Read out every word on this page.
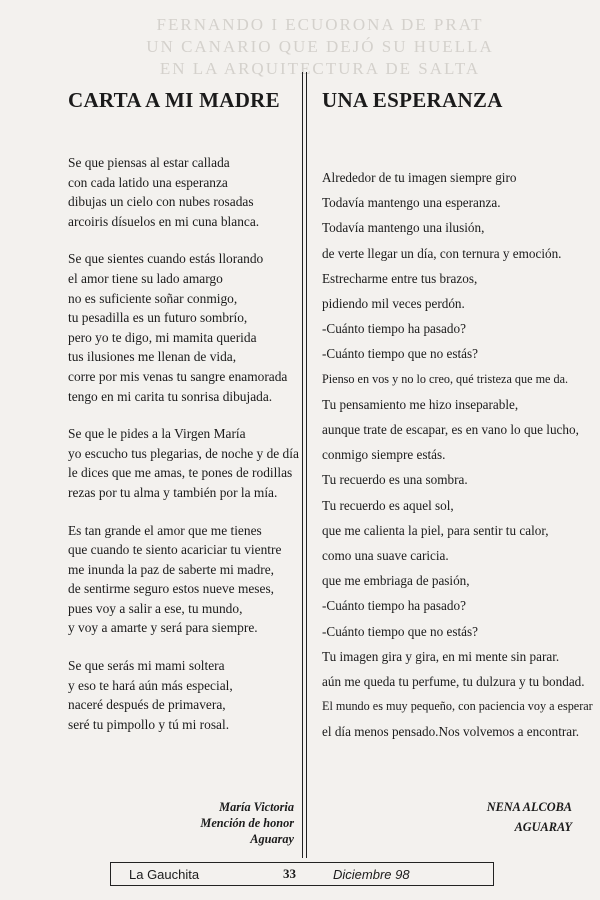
FERNANDO I ECUORONA DE PRAT
UN CANARIO QUE DEJÓ SU HUELLA
EN LA ARQUITECTURA DE SALTA
CARTA A MI MADRE
Se que piensas al estar callada
con cada latido una esperanza
dibujas un cielo con nubes rosadas
arcoiris dísuelos en mi cuna blanca.
Se que sientes cuando estás llorando
el amor tiene su lado amargo
no es suficiente soñar conmigo,
tu pesadilla es un futuro sombrío,
pero yo te digo, mi mamita querida
tus ilusiones me llenan de vida,
corre por mis venas tu sangre enamorada
tengo en mi carita tu sonrisa dibujada.
Se que le pides a la Virgen María
yo escucho tus plegarias, de noche y de día
le dices que me amas, te pones de rodillas
rezas por tu alma y también por la mía.
Es tan grande el amor que me tienes
que cuando te siento acariciar tu vientre
me inunda la paz de saberte mi madre,
de sentirme seguro estos nueve meses,
pues voy a salir a ese, tu mundo,
y voy a amarte y será para siempre.
Se que serás mi mami soltera
y eso te hará aún más especial,
naceré después de primavera,
seré tu pimpollo y tú mi rosal.
María Victoria
Mención de honor
Aguaray
UNA ESPERANZA
Alrededor de tu imagen siempre giro
Todavía mantengo una esperanza.
Todavía mantengo una ilusión,
de verte llegar un día, con ternura y emoción.
Estrecharme entre tus brazos,
pidiendo mil veces perdón.
-Cuánto tiempo ha pasado?
-Cuánto tiempo que no estás?
Pienso en vos y no lo creo, qué tristeza que me da.
Tu pensamiento me hizo inseparable,
aunque trate de escapar, es en vano lo que lucho,
conmigo siempre estás.
Tu recuerdo es una sombra.
Tu recuerdo es aquel sol,
que me calienta la piel, para sentir tu calor,
como una suave caricia.
que me embriaga de pasión,
-Cuánto tiempo ha pasado?
-Cuánto tiempo que no estás?
Tu imagen gira y gira, en mi mente sin parar.
aún me queda tu perfume, tu dulzura y tu bondad.
El mundo es muy pequeño, con paciencia voy a esperar
el día menos pensado.Nos volvemos a encontrar.
NENA ALCOBA
AGUARAY
La Gauchita	33	Diciembre 98
